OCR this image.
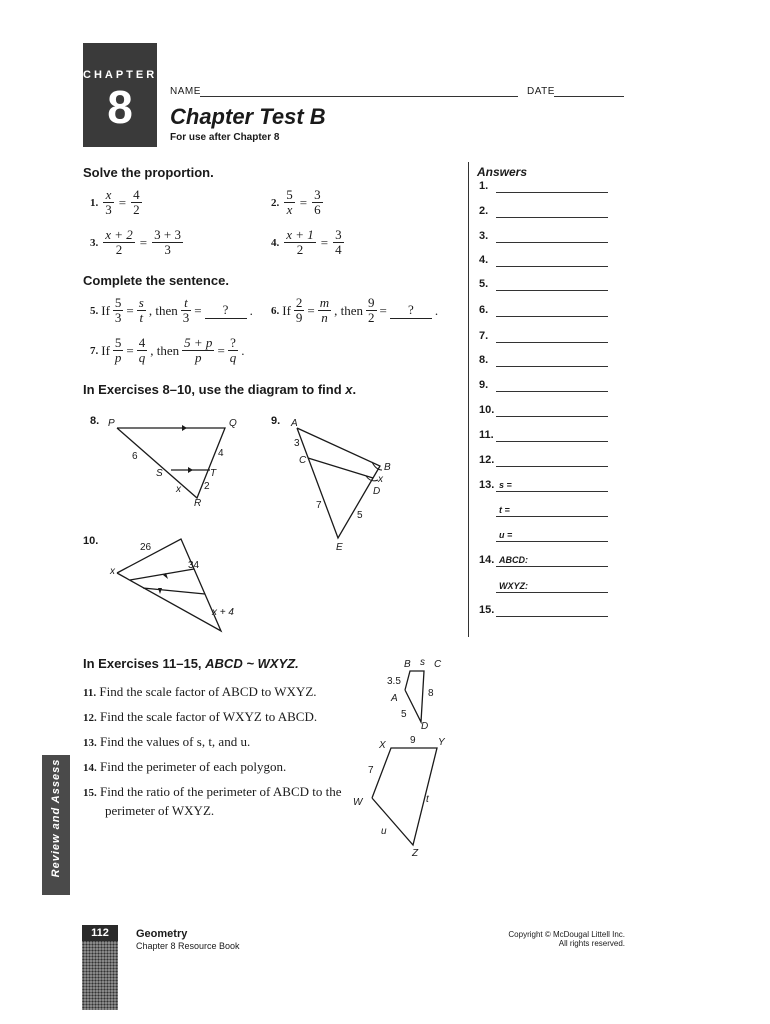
CHAPTER
8	NAME	DATE
Chapter Test B
For use after Chapter 8
Answers
1.
2.
3.
4.
5.
6.
7.
8.
9.
10.
11.
12.
13. s =
t =
u =
14. ABCD:
WXYZ:
15.
Solve the proportion.
1. $\frac{x}{3} = \frac{4}{2}$	2. $\frac{5}{x} = \frac{3}{6}$
3. $\frac{x + 2}{2} = \frac{3 + 3}{3}$	4. $\frac{x + 1}{2} = \frac{3}{4}$
Complete the sentence.
5. If $\frac{5}{3} = \frac{s}{t}$ , then $\frac{t}{3}$ =	?	. 6. If $\frac{2}{9} = \frac{m}{n}$ , then $\frac{9}{2}$ =	?	.
7. If $\frac{5}{p} = \frac{4}{q}$ , then $\frac{5 + p}{p} = \frac{?}{q}$ .
In Exercises 8–10, use the diagram to find x.
8.	9.
10.
P	Q
6	4
S	T
x 2
R
A
3
C
B
x
D
7
5
E
26
34
x
x + 4
In Exercises 11–15, ABCD ~ WXYZ.
11. Find the scale factor of ABCD to WXYZ.
12. Find the scale factor of WXYZ to ABCD.
13. Find the values of s, t, and u.
14. Find the perimeter of each polygon.
15. Find the ratio of the perimeter of ABCD to the
perimeter of WXYZ.
B s C
3.5
8
A
5
D
9
X	Y
7
t
W
u
Z
Review and Assess
112	Geometry
Chapter 8 Resource Book
Copyright © McDougal Littell Inc.
All rights reserved.
